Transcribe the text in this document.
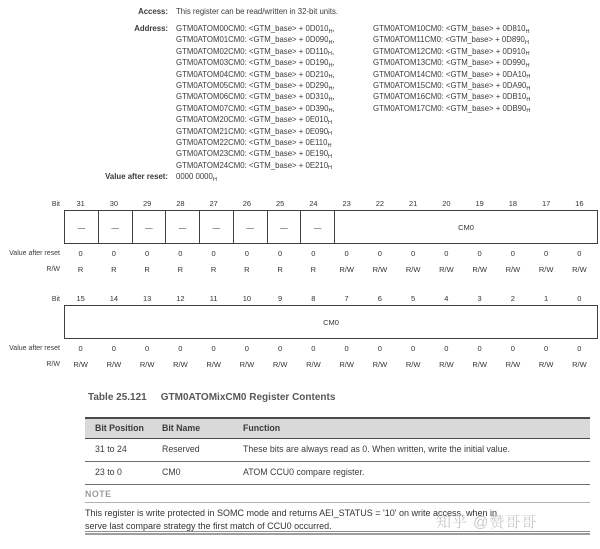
Access: This register can be read/written in 32-bit units.
Address: GTM0ATOM00CM0: <GTM_base> + 0D010H,
GTM0ATOM01CM0: <GTM_base> + 0D090H,
GTM0ATOM02CM0: <GTM_base> + 0D110H,
GTM0ATOM03CM0: <GTM_base> + 0D190H,
GTM0ATOM04CM0: <GTM_base> + 0D210H,
GTM0ATOM05CM0: <GTM_base> + 0D290H,
GTM0ATOM06CM0: <GTM_base> + 0D310H,
GTM0ATOM07CM0: <GTM_base> + 0D390H,
GTM0ATOM20CM0: <GTM_base> + 0E010H
GTM0ATOM21CM0: <GTM_base> + 0E090H
GTM0ATOM22CM0: <GTM_base> + 0E110H
GTM0ATOM23CM0: <GTM_base> + 0E190H
GTM0ATOM24CM0: <GTM_base> + 0E210H
GTM0ATOM10CM0: <GTM_base> + 0D810H
GTM0ATOM11CM0: <GTM_base> + 0D890H
GTM0ATOM12CM0: <GTM_base> + 0D910H
GTM0ATOM13CM0: <GTM_base> + 0D990H
GTM0ATOM14CM0: <GTM_base> + 0DA10H
GTM0ATOM15CM0: <GTM_base> + 0DA90H
GTM0ATOM16CM0: <GTM_base> + 0DB10H
GTM0ATOM17CM0: <GTM_base> + 0DB90H
Value after reset: 0000 0000H
Bit	31	30	29	28	27	26	25	24	23	22	21	20	19	18	17	16
—	—	—	—	—	—	—	—	CM0
Value after reset	0	0	0	0	0	0	0	0	0	0	0	0	0	0	0	0
R/W	R	R	R	R	R	R	R	R	R/W	R/W	R/W	R/W	R/W	R/W	R/W	R/W
Bit	15	14	13	12	11	10	9	8	7	6	5	4	3	2	1	0
CM0
Value after reset	0	0	0	0	0	0	0	0	0	0	0	0	0	0	0	0
R/W	R/W	R/W	R/W	R/W	R/W	R/W	R/W	R/W	R/W	R/W	R/W	R/W	R/W	R/W	R/W	R/W
Table 25.121 GTM0ATOMixCM0 Register Contents
Bit Position	Bit Name	Function
31 to 24	Reserved	These bits are always read as 0. When written, write the initial value.
23 to 0	CM0	ATOM CCU0 compare register.
NOTE
This register is write protected in SOMC mode and returns AEI_STATUS = '10' on write access, when in
serve last compare strategy the first match of CCU0 occurred.	知乎 @赞哥哥
